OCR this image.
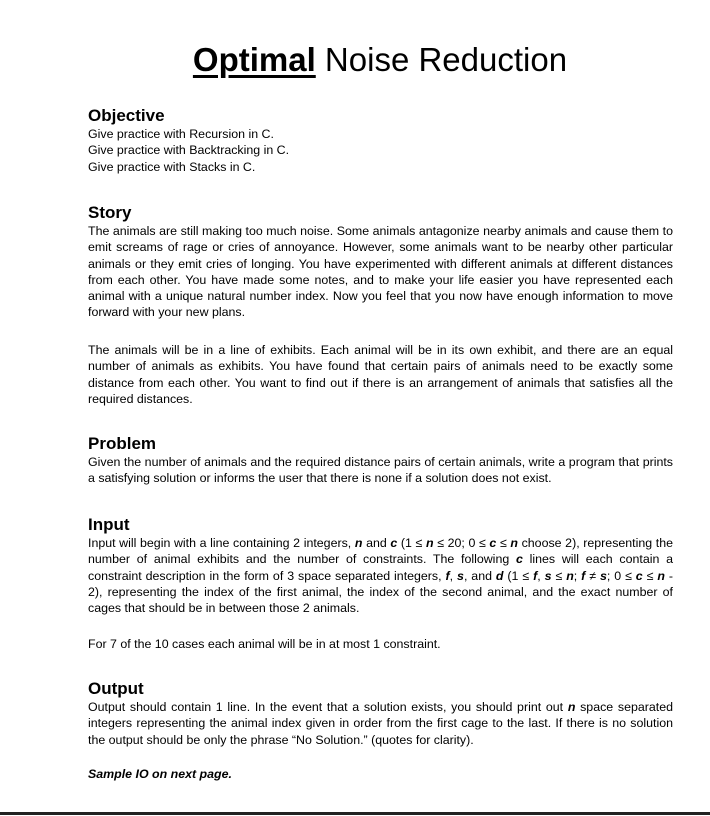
Optimal Noise Reduction
Objective
Give practice with Recursion in C.
Give practice with Backtracking in C.
Give practice with Stacks in C.
Story

The animals are still making too much noise. Some animals antagonize nearby animals and cause them to emit screams of rage or cries of annoyance. However, some animals want to be nearby other particular animals or they emit cries of longing. You have experimented with different animals at different distances from each other. You have made some notes, and to make your life easier you have represented each animal with a unique natural number index. Now you feel that you now have enough information to move forward with your new plans.

The animals will be in a line of exhibits. Each animal will be in its own exhibit, and there are an equal number of animals as exhibits. You have found that certain pairs of animals need to be exactly some distance from each other. You want to find out if there is an arrangement of animals that satisfies all the required distances.

Problem

Given the number of animals and the required distance pairs of certain animals, write a program that prints a satisfying solution or informs the user that there is none if a solution does not exist.

Input

Input will begin with a line containing 2 integers, n and c (1 ≤ n ≤ 20; 0 ≤ c ≤ n choose 2), representing the number of animal exhibits and the number of constraints. The following c lines will each contain a constraint description in the form of 3 space separated integers, f, s, and d (1 ≤ f, s ≤ n; f ≠ s; 0 ≤ c ≤ n - 2), representing the index of the first animal, the index of the second animal, and the exact number of cages that should be in between those 2 animals.

For 7 of the 10 cases each animal will be in at most 1 constraint.

Output

Output should contain 1 line. In the event that a solution exists, you should print out n space separated integers representing the animal index given in order from the first cage to the last. If there is no solution the output should be only the phrase “No Solution.” (quotes for clarity).

Sample IO on next page.
